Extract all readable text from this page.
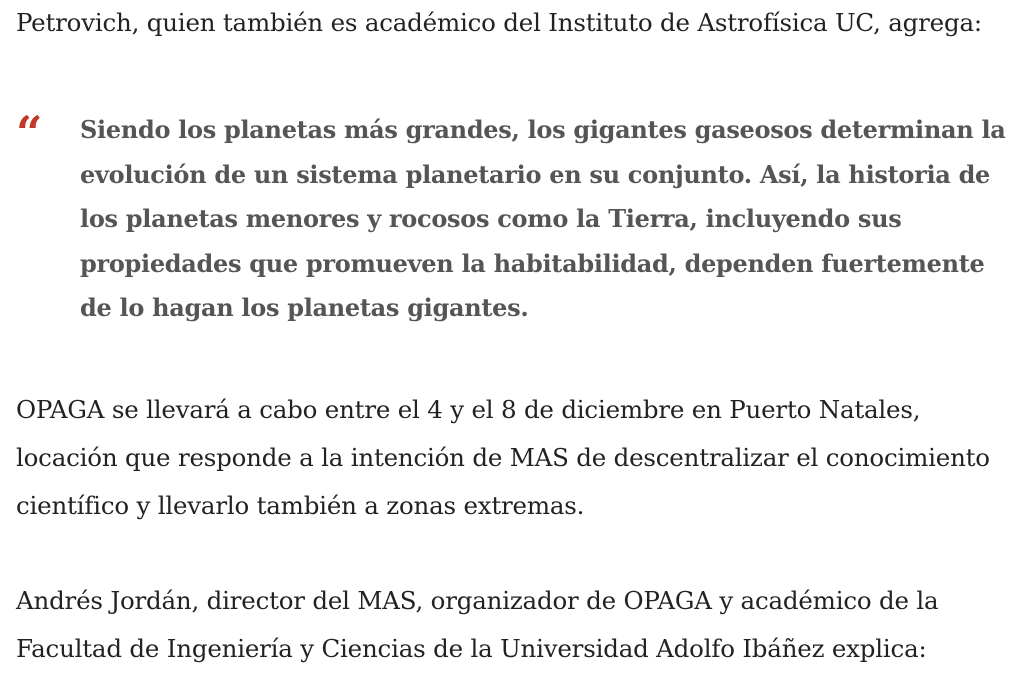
Petrovich, quien también es académico del Instituto de Astrofísica UC, agrega:

“ Siendo los planetas más grandes, los gigantes gaseosos determinan la evolución de un sistema planetario en su conjunto. Así, la historia de los planetas menores y rocosos como la Tierra, incluyendo sus propiedades que promueven la habitabilidad, dependen fuertemente de lo hagan los planetas gigantes.

OPAGA se llevará a cabo entre el 4 y el 8 de diciembre en Puerto Natales, locación que responde a la intención de MAS de descentralizar el conocimiento científico y llevarlo también a zonas extremas.

Andrés Jordán, director del MAS, organizador de OPAGA y académico de la Facultad de Ingeniería y Ciencias de la Universidad Adolfo Ibáñez explica:
